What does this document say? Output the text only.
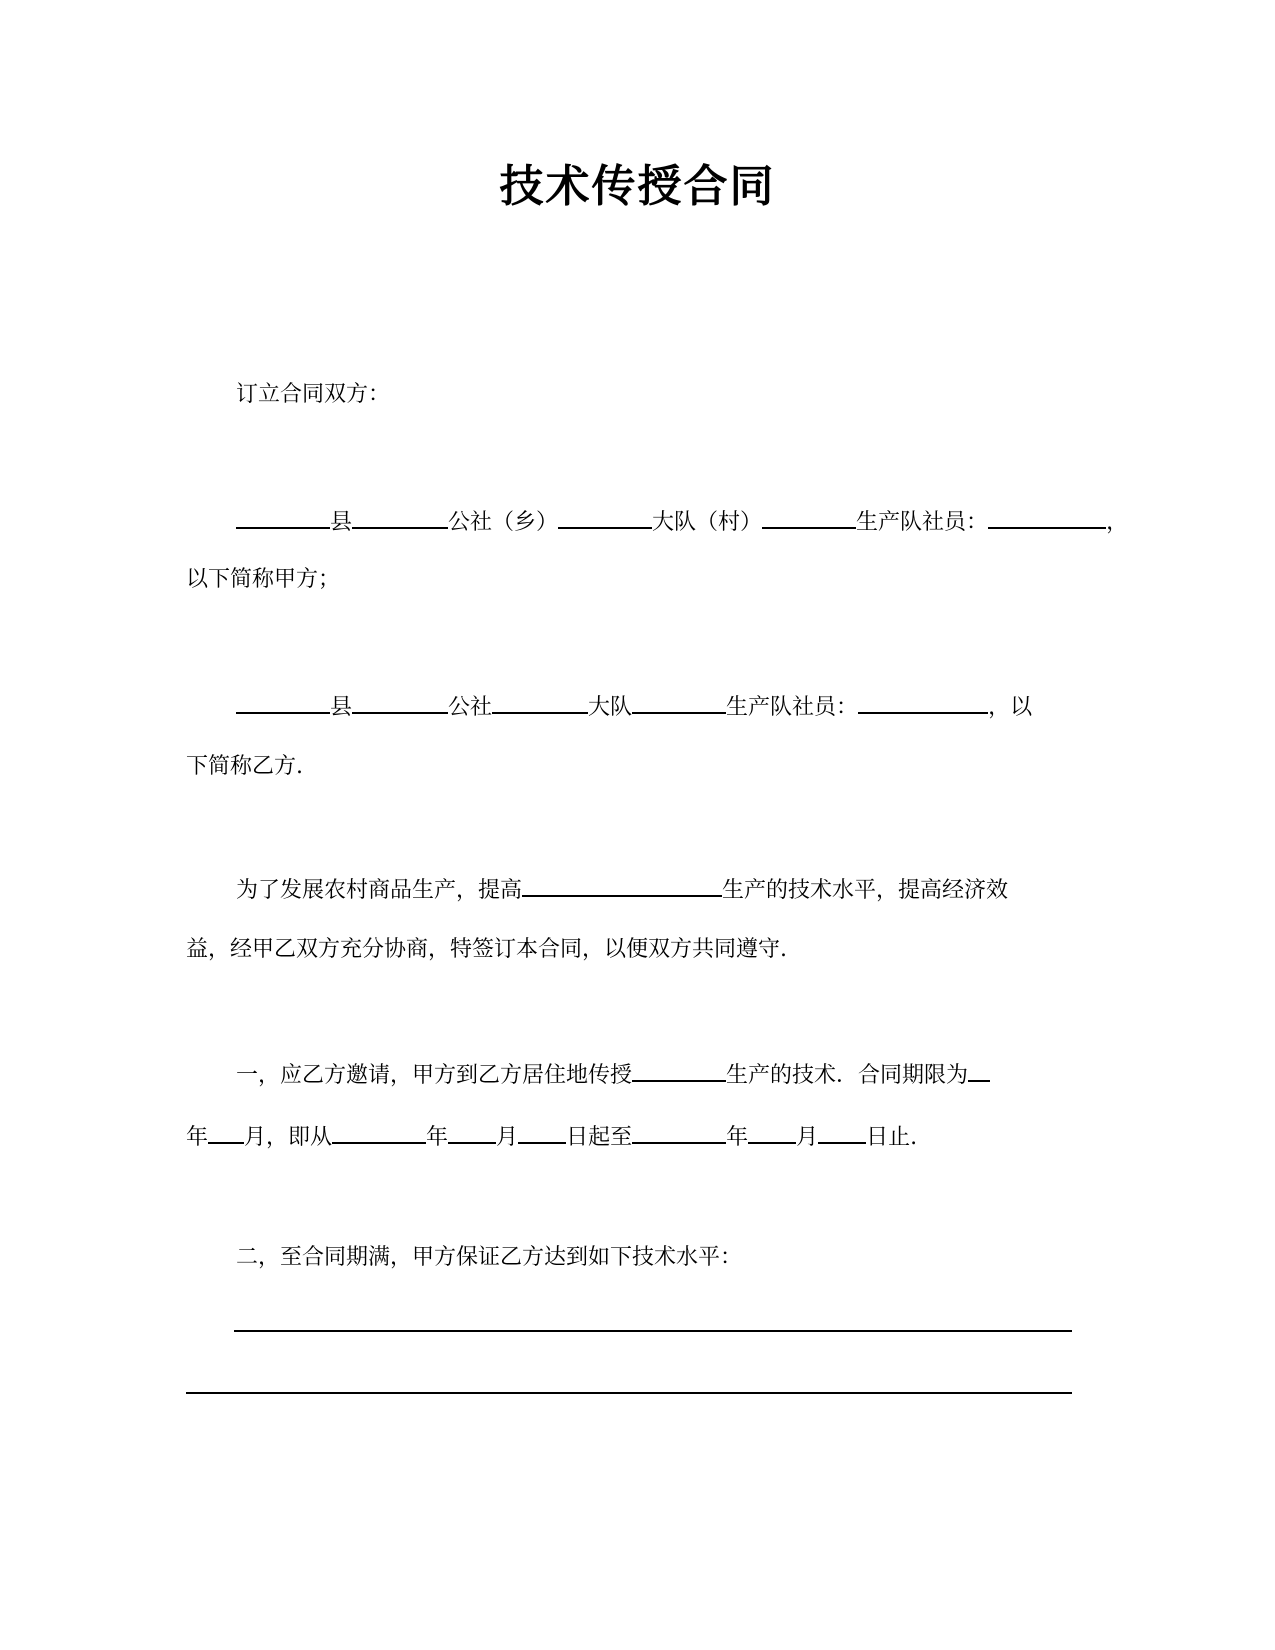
技术传授合同
订立合同双方：
县	公社（乡）	大队（村）	生产队社员：	，
以下简称甲方；
县	公社	大队	生产队社员：	，以
下简称乙方.
为了发展农村商品生产，提高	生产的技术水平，提高经济效
益，经甲乙双方充分协商，特签订本合同，以便双方共同遵守.
一，应乙方邀请，甲方到乙方居住地传授	生产的技术．合同期限为
年 月，即从	年 月 日起至	年 月 日止.
二，至合同期满，甲方保证乙方达到如下技术水平：
